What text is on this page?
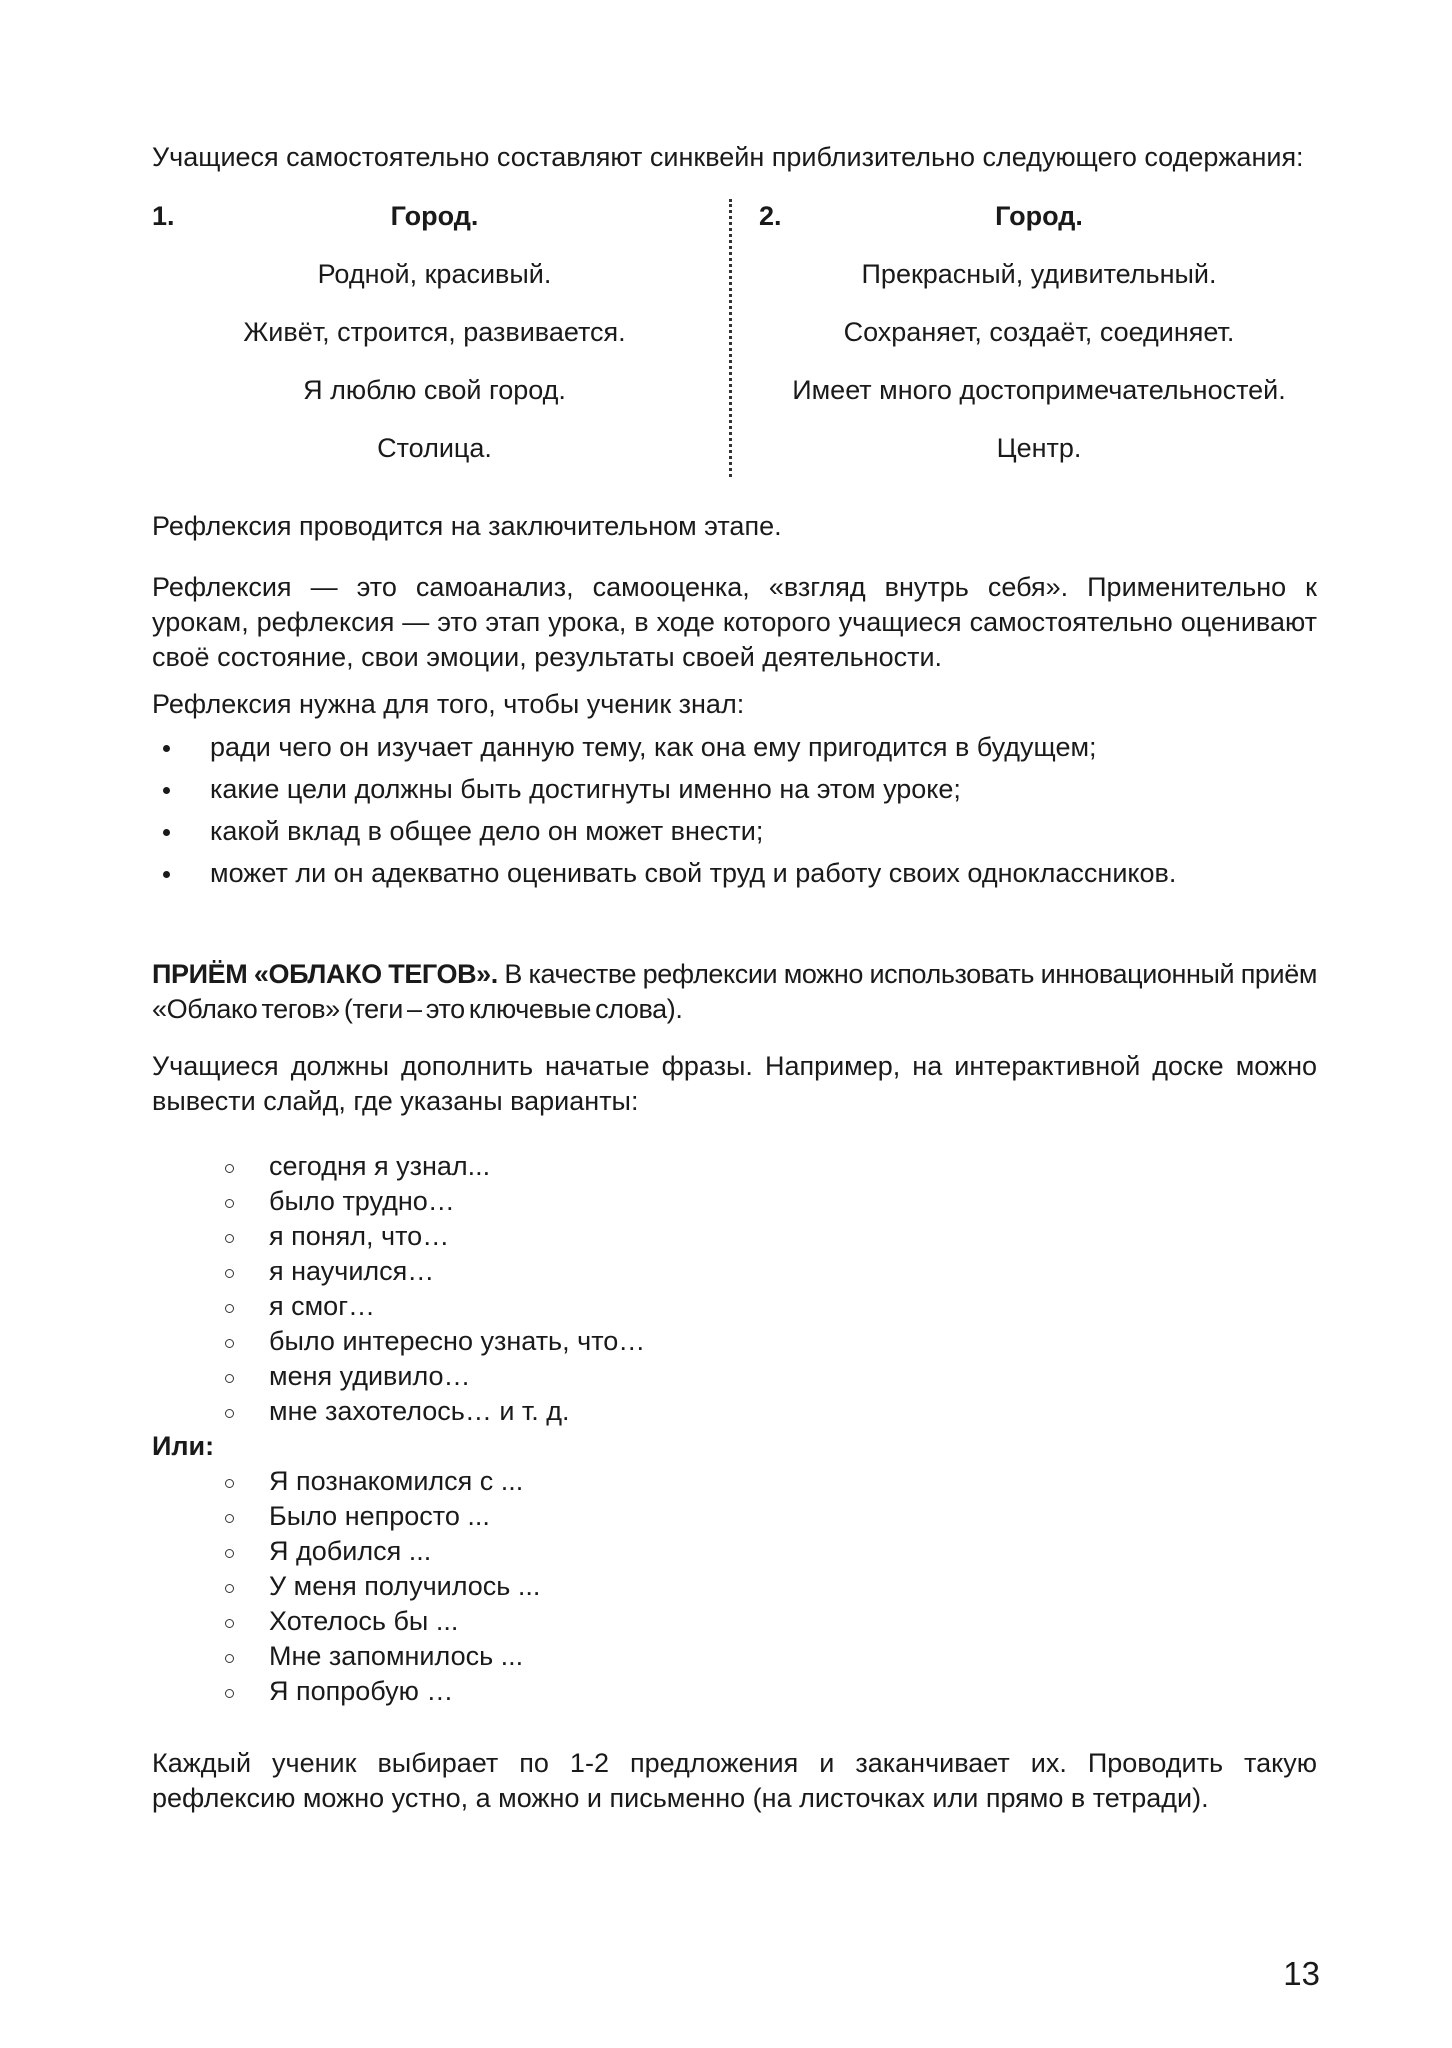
Учащиеся самостоятельно составляют синквейн приблизительно следующего содержания:

1.	Город.
Родной, красивый.
Живёт, строится, развивается.
Я люблю свой город.
Столица.
2.	Город.
Прекрасный, удивительный.
Сохраняет, создаёт, соединяет.
Имеет много достопримечательностей.
Центр.

Рефлексия проводится на заключительном этапе.

Рефлексия — это самоанализ, самооценка, «взгляд внутрь себя». Применительно к урокам, рефлексия — это этап урока, в ходе которого учащиеся самостоятельно оценивают своё состояние, свои эмоции, результаты своей деятельности.

Рефлексия нужна для того, чтобы ученик знал:

ради чего он изучает данную тему, как она ему пригодится в будущем;
какие цели должны быть достигнуты именно на этом уроке;
какой вклад в общее дело он может внести;
может ли он адекватно оценивать свой труд и работу своих одноклассников.

ПРИЁМ «ОБЛАКО ТЕГОВ». В качестве рефлексии можно использовать инновационный приём «Облако тегов» (теги – это ключевые слова).

Учащиеся должны дополнить начатые фразы. Например, на интерактивной доске можно вывести слайд, где указаны варианты:

сегодня я узнал...
было трудно…
я понял, что…
я научился…
я смог…
было интересно узнать, что…
меня удивило…
мне захотелось… и т. д.
Или:
Я познакомился с ...
Было непросто ...
Я добился ...
У меня получилось ...
Хотелось бы ...
Мне запомнилось ...
Я попробую …

Каждый ученик выбирает по 1-2 предложения и заканчивает их. Проводить такую рефлексию можно устно, а можно и письменно (на листочках или прямо в тетради).

13
